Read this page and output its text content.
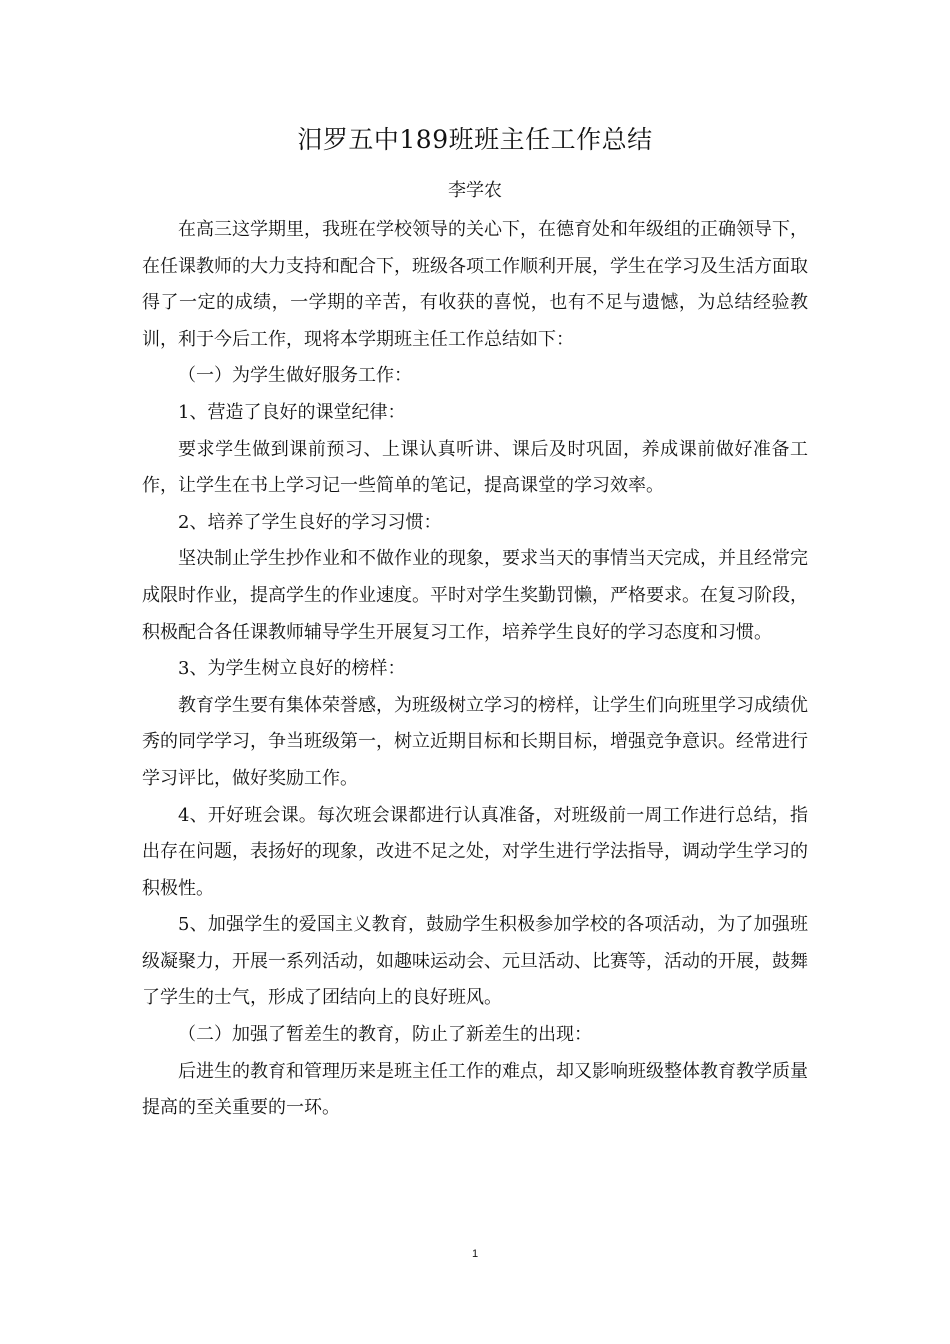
汨罗五中189班班主任工作总结
李学农

在高三这学期里，我班在学校领导的关心下，在德育处和年级组的正确领导下，在任课教师的大力支持和配合下，班级各项工作顺利开展，学生在学习及生活方面取得了一定的成绩，一学期的辛苦，有收获的喜悦，也有不足与遗憾，为总结经验教训，利于今后工作，现将本学期班主任工作总结如下：

（一）为学生做好服务工作：

1、营造了良好的课堂纪律：

要求学生做到课前预习、上课认真听讲、课后及时巩固，养成课前做好准备工作，让学生在书上学习记一些简单的笔记，提高课堂的学习效率。

2、培养了学生良好的学习习惯：

坚决制止学生抄作业和不做作业的现象，要求当天的事情当天完成，并且经常完成限时作业，提高学生的作业速度。平时对学生奖勤罚懒，严格要求。在复习阶段，积极配合各任课教师辅导学生开展复习工作，培养学生良好的学习态度和习惯。

3、为学生树立良好的榜样：

教育学生要有集体荣誉感，为班级树立学习的榜样，让学生们向班里学习成绩优秀的同学学习，争当班级第一，树立近期目标和长期目标，增强竞争意识。经常进行学习评比，做好奖励工作。

4、开好班会课。每次班会课都进行认真准备，对班级前一周工作进行总结，指出存在问题，表扬好的现象，改进不足之处，对学生进行学法指导，调动学生学习的积极性。

5、加强学生的爱国主义教育，鼓励学生积极参加学校的各项活动，为了加强班级凝聚力，开展一系列活动，如趣味运动会、元旦活动、比赛等，活动的开展，鼓舞了学生的士气，形成了团结向上的良好班风。

（二）加强了暂差生的教育，防止了新差生的出现：

后进生的教育和管理历来是班主任工作的难点，却又影响班级整体教育教学质量提高的至关重要的一环。

1
